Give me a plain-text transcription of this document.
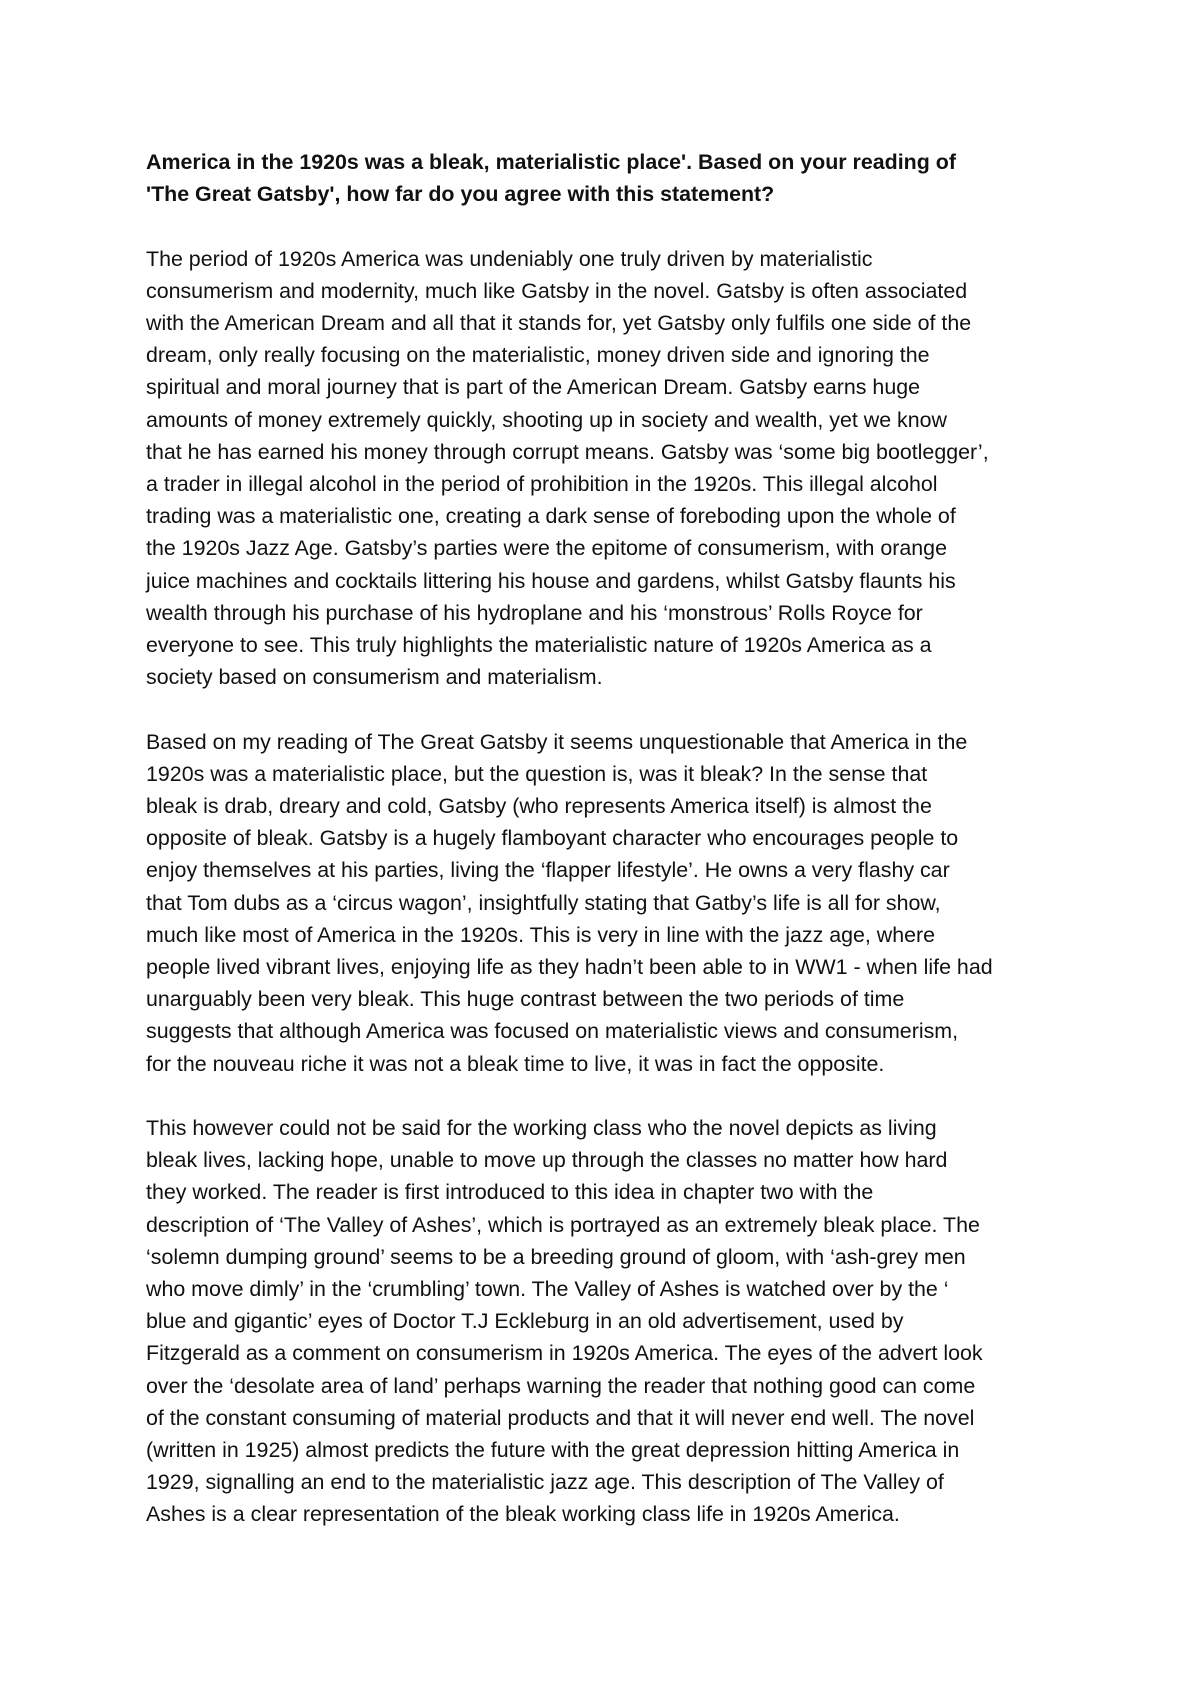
America in the 1920s was a bleak, materialistic place'. Based on your reading of
'The Great Gatsby', how far do you agree with this statement?
The period of 1920s America was undeniably one truly driven by materialistic
consumerism and modernity, much like Gatsby in the novel. Gatsby is often associated
with the American Dream and all that it stands for, yet Gatsby only fulfils one side of the
dream, only really focusing on the materialistic, money driven side and ignoring the
spiritual and moral journey that is part of the American Dream. Gatsby earns huge
amounts of money extremely quickly, shooting up in society and wealth, yet we know
that he has earned his money through corrupt means. Gatsby was ‘some big bootlegger’,
a trader in illegal alcohol in the period of prohibition in the 1920s. This illegal alcohol
trading was a materialistic one, creating a dark sense of foreboding upon the whole of
the 1920s Jazz Age. Gatsby’s parties were the epitome of consumerism, with orange
juice machines and cocktails littering his house and gardens, whilst Gatsby flaunts his
wealth through his purchase of his hydroplane and his ‘monstrous’ Rolls Royce for
everyone to see. This truly highlights the materialistic nature of 1920s America as a
society based on consumerism and materialism.
Based on my reading of The Great Gatsby it seems unquestionable that America in the
1920s was a materialistic place, but the question is, was it bleak? In the sense that
bleak is drab, dreary and cold, Gatsby (who represents America itself) is almost the
opposite of bleak. Gatsby is a hugely flamboyant character who encourages people to
enjoy themselves at his parties, living the ‘flapper lifestyle’. He owns a very flashy car
that Tom dubs as a ‘circus wagon’, insightfully stating that Gatby’s life is all for show,
much like most of America in the 1920s. This is very in line with the jazz age, where
people lived vibrant lives, enjoying life as they hadn’t been able to in WW1 - when life had
unarguably been very bleak. This huge contrast between the two periods of time
suggests that although America was focused on materialistic views and consumerism,
for the nouveau riche it was not a bleak time to live, it was in fact the opposite.
This however could not be said for the working class who the novel depicts as living
bleak lives, lacking hope, unable to move up through the classes no matter how hard
they worked. The reader is first introduced to this idea in chapter two with the
description of ‘The Valley of Ashes’, which is portrayed as an extremely bleak place. The
‘solemn dumping ground’ seems to be a breeding ground of gloom, with ‘ash-grey men
who move dimly’ in the ‘crumbling’ town. The Valley of Ashes is watched over by the ‘
blue and gigantic’ eyes of Doctor T.J Eckleburg in an old advertisement, used by
Fitzgerald as a comment on consumerism in 1920s America. The eyes of the advert look
over the ‘desolate area of land’ perhaps warning the reader that nothing good can come
of the constant consuming of material products and that it will never end well. The novel
(written in 1925) almost predicts the future with the great depression hitting America in
1929, signalling an end to the materialistic jazz age. This description of The Valley of
Ashes is a clear representation of the bleak working class life in 1920s America.
